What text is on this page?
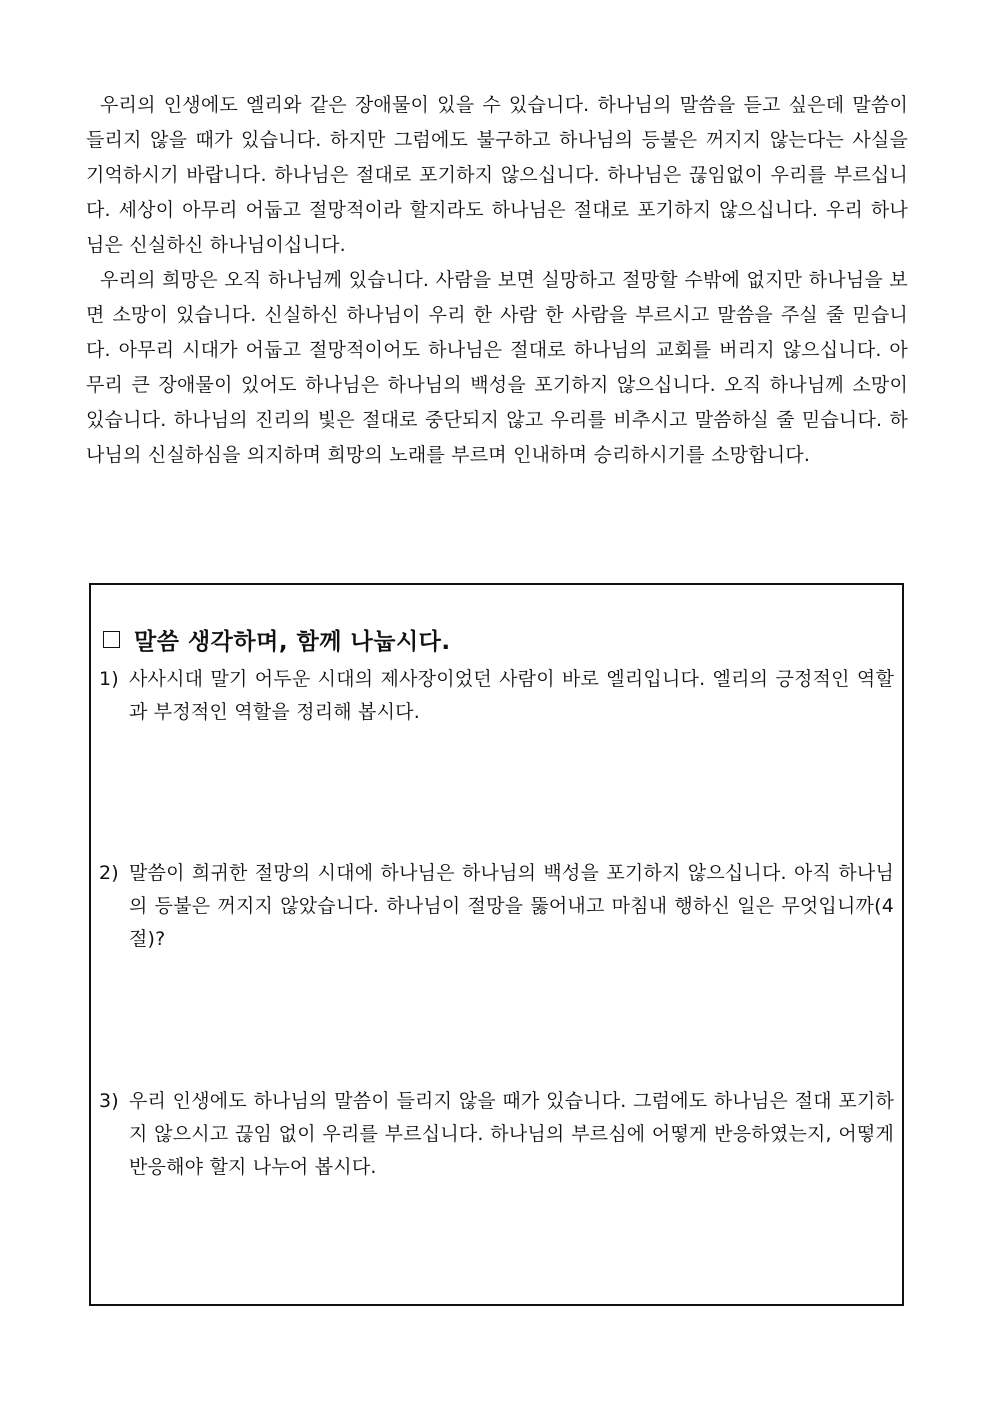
우리의 인생에도 엘리와 같은 장애물이 있을 수 있습니다. 하나님의 말씀을 듣고 싶은데 말씀이 들리지 않을 때가 있습니다. 하지만 그럼에도 불구하고 하나님의 등불은 꺼지지 않는다는 사실을 기억하시기 바랍니다. 하나님은 절대로 포기하지 않으십니다. 하나님은 끊임없이 우리를 부르십니다. 세상이 아무리 어둡고 절망적이라 할지라도 하나님은 절대로 포기하지 않으십니다. 우리 하나님은 신실하신 하나님이십니다.

우리의 희망은 오직 하나님께 있습니다. 사람을 보면 실망하고 절망할 수밖에 없지만 하나님을 보면 소망이 있습니다. 신실하신 하나님이 우리 한 사람 한 사람을 부르시고 말씀을 주실 줄 믿습니다. 아무리 시대가 어둡고 절망적이어도 하나님은 절대로 하나님의 교회를 버리지 않으십니다. 아무리 큰 장애물이 있어도 하나님은 하나님의 백성을 포기하지 않으십니다. 오직 하나님께 소망이 있습니다. 하나님의 진리의 빛은 절대로 중단되지 않고 우리를 비추시고 말씀하실 줄 믿습니다. 하나님의 신실하심을 의지하며 희망의 노래를 부르며 인내하며 승리하시기를 소망합니다.

말씀 생각하며, 함께 나눕시다.
1) 사사시대 말기 어두운 시대의 제사장이었던 사람이 바로 엘리입니다. 엘리의 긍정적인 역할과 부정적인 역할을 정리해 봅시다.
2) 말씀이 희귀한 절망의 시대에 하나님은 하나님의 백성을 포기하지 않으십니다. 아직 하나님의 등불은 꺼지지 않았습니다. 하나님이 절망을 뚫어내고 마침내 행하신 일은 무엇입니까(4절)?
3) 우리 인생에도 하나님의 말씀이 들리지 않을 때가 있습니다. 그럼에도 하나님은 절대 포기하지 않으시고 끊임 없이 우리를 부르십니다. 하나님의 부르심에 어떻게 반응하였는지, 어떻게 반응해야 할지 나누어 봅시다.
